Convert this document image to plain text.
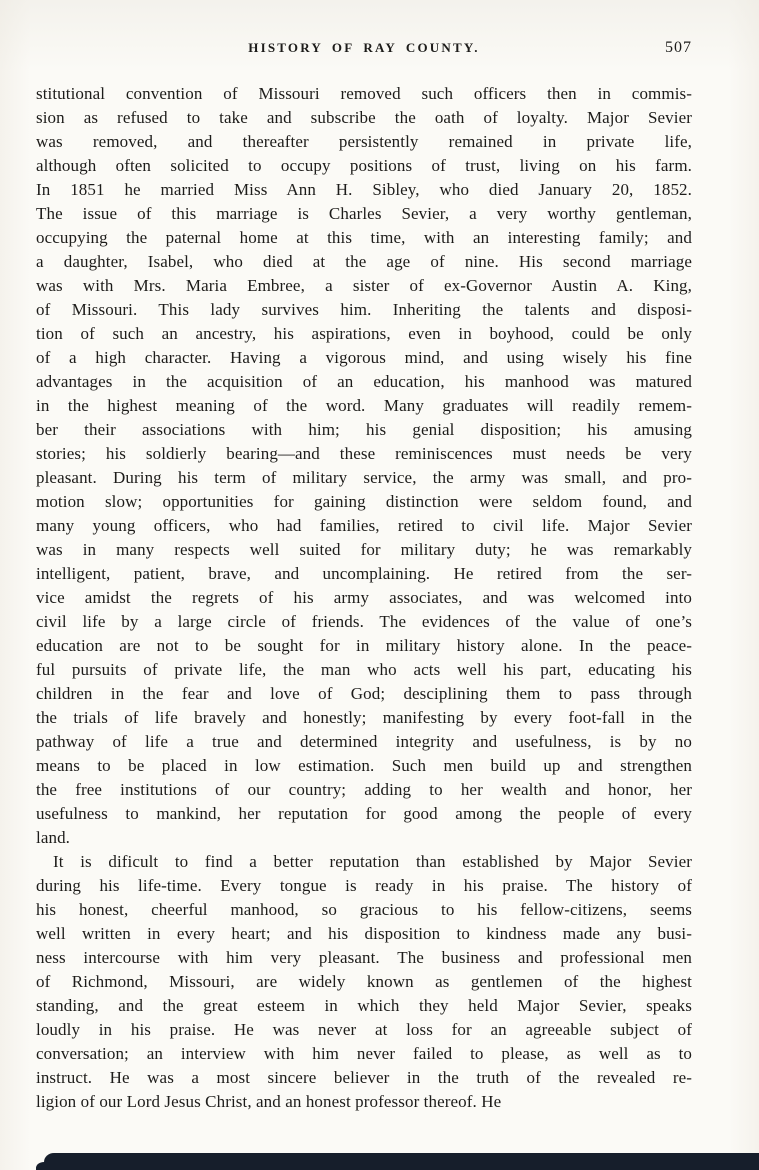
HISTORY OF RAY COUNTY.	507
stitutional convention of Missouri removed such officers then in commis-
sion as refused to take and subscribe the oath of loyalty. Major Sevier
was removed, and thereafter persistently remained in private life,
although often solicited to occupy positions of trust, living on his farm.
In 1851 he married Miss Ann H. Sibley, who died January 20, 1852.
The issue of this marriage is Charles Sevier, a very worthy gentleman,
occupying the paternal home at this time, with an interesting family; and
a daughter, Isabel, who died at the age of nine. His second marriage
was with Mrs. Maria Embree, a sister of ex-Governor Austin A. King,
of Missouri. This lady survives him. Inheriting the talents and disposi-
tion of such an ancestry, his aspirations, even in boyhood, could be only
of a high character. Having a vigorous mind, and using wisely his fine
advantages in the acquisition of an education, his manhood was matured
in the highest meaning of the word. Many graduates will readily remem-
ber their associations with him; his genial disposition; his amusing
stories; his soldierly bearing—and these reminiscences must needs be very
pleasant. During his term of military service, the army was small, and pro-
motion slow; opportunities for gaining distinction were seldom found, and
many young officers, who had families, retired to civil life. Major Sevier
was in many respects well suited for military duty; he was remarkably
intelligent, patient, brave, and uncomplaining. He retired from the ser-
vice amidst the regrets of his army associates, and was welcomed into
civil life by a large circle of friends. The evidences of the value of one’s
education are not to be sought for in military history alone. In the peace-
ful pursuits of private life, the man who acts well his part, educating his
children in the fear and love of God; desciplining them to pass through
the trials of life bravely and honestly; manifesting by every foot-fall in the
pathway of life a true and determined integrity and usefulness, is by no
means to be placed in low estimation. Such men build up and strengthen
the free institutions of our country; adding to her wealth and honor, her
usefulness to mankind, her reputation for good among the people of every
land.
It is dificult to find a better reputation than established by Major Sevier
during his life-time. Every tongue is ready in his praise. The history of
his honest, cheerful manhood, so gracious to his fellow-citizens, seems
well written in every heart; and his disposition to kindness made any busi-
ness intercourse with him very pleasant. The business and professional men
of Richmond, Missouri, are widely known as gentlemen of the highest
standing, and the great esteem in which they held Major Sevier, speaks
loudly in his praise. He was never at loss for an agreeable subject of
conversation; an interview with him never failed to please, as well as to
instruct. He was a most sincere believer in the truth of the revealed re-
ligion of our Lord Jesus Christ, and an honest professor thereof. He
